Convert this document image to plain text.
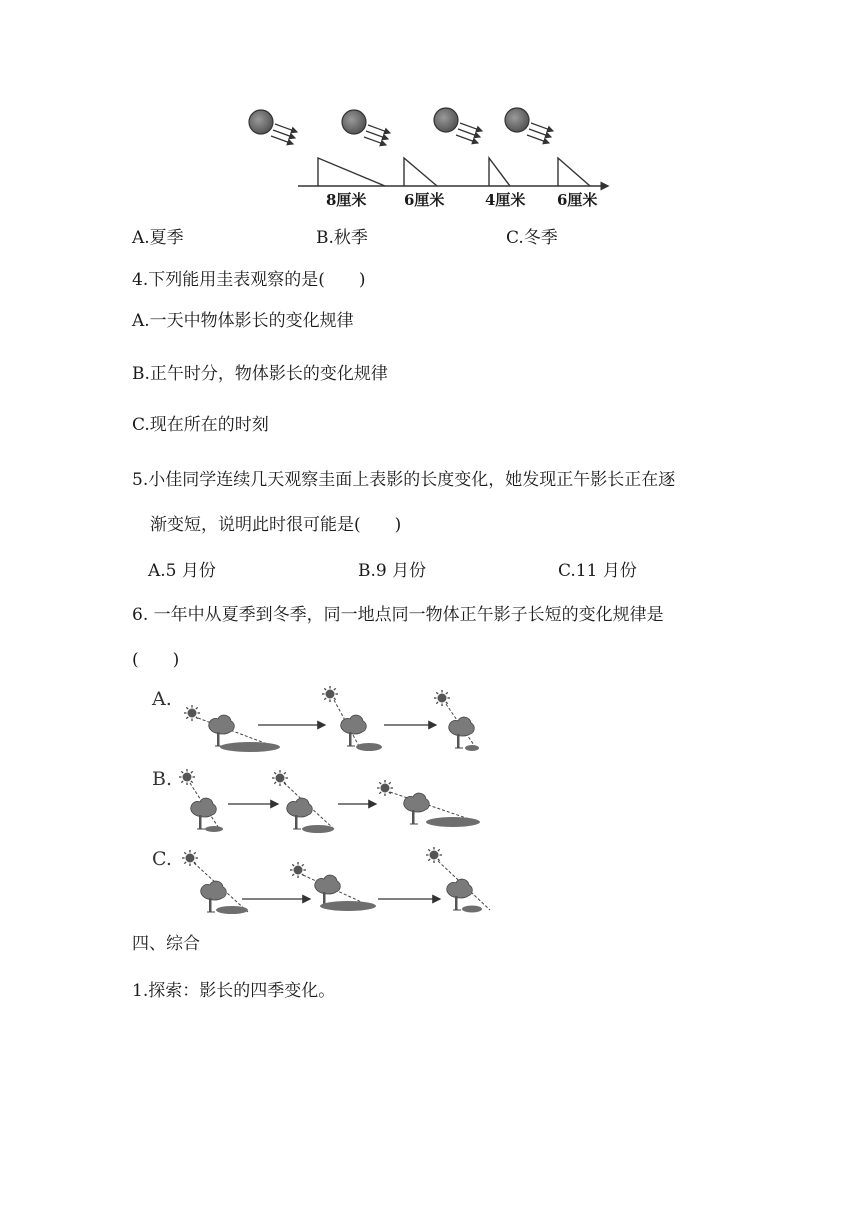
8厘米	6厘米	4厘米 6厘米
A.夏季	B.秋季	C.冬季
4.下列能用圭表观察的是(　　)
A.一天中物体影长的变化规律
B.正午时分，物体影长的变化规律
C.现在所在的时刻
5.小佳同学连续几天观察圭面上表影的长度变化，她发现正午影长正在逐
渐变短，说明此时很可能是(　　)
A.5 月份	B.9 月份	C.11 月份
6. 一年中从夏季到冬季，同一地点同一物体正午影子长短的变化规律是
(　　)
A.
B.
C.
四、综合
1.探索：影长的四季变化。
